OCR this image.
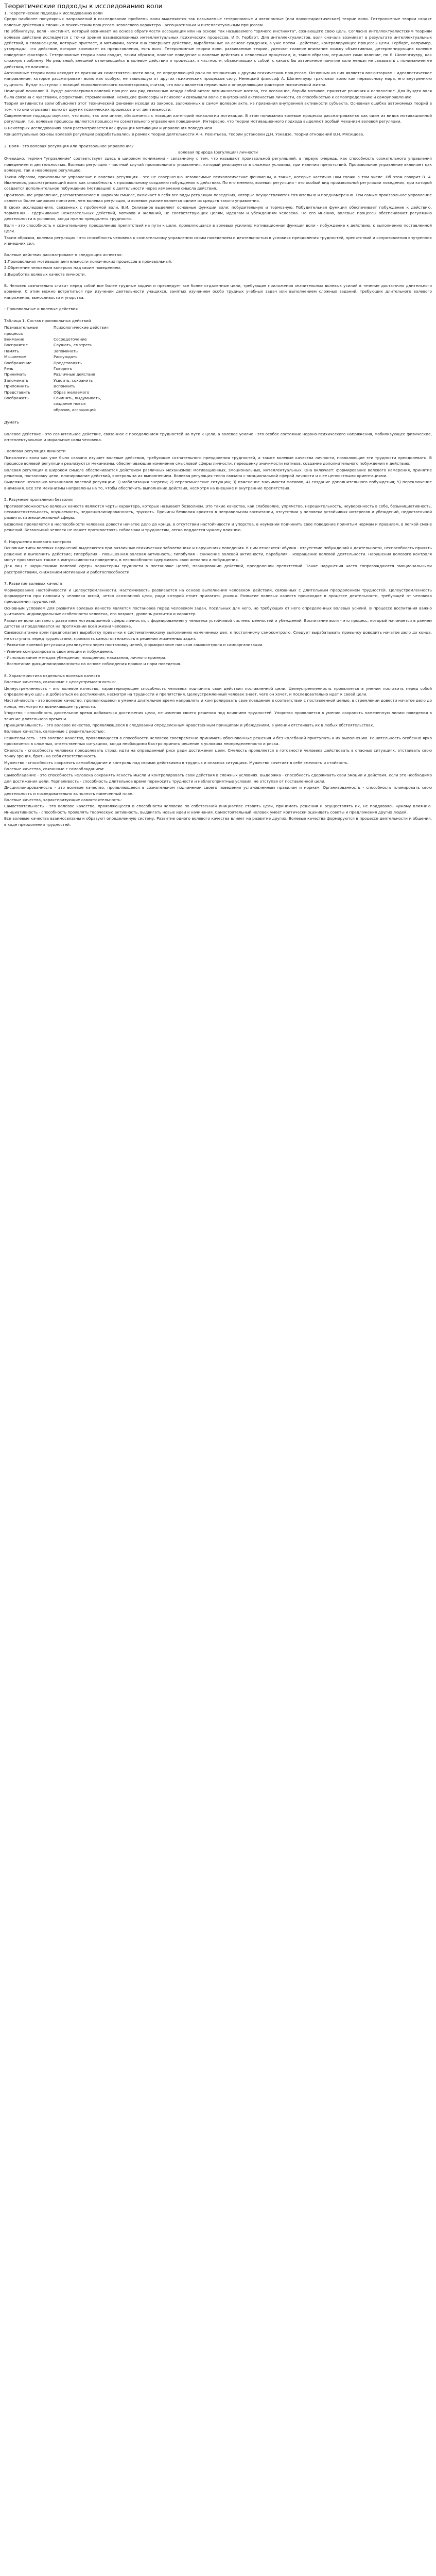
Теоретические подходы к исследованию воли
1. Теоретические подходы к исследованию воли

Среди наиболее популярных направлений в исследовании проблемы воли выделяются так называемые гетерономные и автономные (или волюнтаристические) теории воли. Гетерономные теории сводят волевые действия к сложным психическим процессам неволевого характера - ассоциативным и интеллектуальным процессам.

По Эббингаузу, воля - инстинкт, который возникает на основе обратимости ассоциаций или на основе так называемого "зрячего инстинкта", сознающего свою цель. Согласно интеллектуалистским теориям волевое действие исследуется с точки зрения взаимосвязанных интеллектуальных психических процессов. И.Ф. Гербарт. Для интеллектуалистов, воля сначала возникает в результате интеллектуальных действий, а главное-цели, которые пристает, и мотивами, затем она совершает действие, выработанные на основе суждения, а уже потом - действие, контролирующее процессы цели. Гербарт, например, утверждал, что действие, которое возникает из представления, есть воля. Гетерономные теории воли, развиваемые теории, уделяют главное внимание поиску объективных, детерминирующих волевое поведение факторов. Гетерономные теории воли сводят, таким образом, волевое поведение и волевые действия к неволевым процессам, и, таким образом, отрицают само явление, по Я. Шопенгауэру, как сложную проблему. Но реальный, внешний отличающийся в волевом действии и процессах, в частности, объясняющих с собой, с какого бы автономное понятие воли нельзя не связывать с пониманием ее действия, ее влияния.

Автономные теории воли исходят из признания самостоятельности воли, ее определяющей роли по отношению к другим психическим процессам. Основным из них является волюнтаризм - идеалистическое направление, которое рассматривает волю как особую, не зависящую от других психических процессов силу. Немецкий философ А. Шопенгауэр трактовал волю как первооснову мира, его внутреннюю сущность. Вундт выступал с позиций психологического волюнтаризма, считая, что воля является первичным и определяющим фактором психической жизни.

Немецкий психолог В. Вундт рассматривал волевой процесс как ряд связанных между собой актов: возникновение мотива, его осознание, борьба мотивов, принятие решения и исполнение. Для Вундта воля была связана с чувствами, аффектами, стремлениями. Немецкие философы и психологи связывали волю с внутренней активностью личности, со способностью к самоопределению и самоуправлению.

Теория активности воли объясняет этот технический феномен исходя из законов, заложенных в самом волевом акте, из признания внутренней активности субъекта. Основная ошибка автономных теорий в том, что они отрывают волю от других психических процессов и от деятельности.

Современные подходы изучают, что воля, так или иначе, объясняется с позиции категорий психологии мотивации. В этом понимании волевые процессы рассматриваются как один из видов мотивационной регуляции, т.е. волевые процессы являются процессами сознательного управления поведением. Интересно, что теории мотивационного подхода выделяют особый механизм волевой регуляции.

В некоторых исследованиях воля рассматривается как функция мотивации и управления поведением.

Концептуальные основы волевой регуляции разрабатывались в рамках теории деятельности А.Н. Леонтьева, теории установки Д.Н. Узнадзе, теории отношений В.Н. Мясищева.

2. Воля - это волевая регуляция или произвольное управление?
волевая природа (регуляция) личности

Очевидно, термин "управление" соответствует здесь в широком понимании - связанному с тем, что называют произвольной регуляцией, в первую очередь, как способность сознательного управления поведением и деятельностью. Волевая регуляция - частный случай произвольного управления, который реализуется в сложных условиях, при наличии препятствий. Произвольное управление включает как волевую, так и неволевую регуляцию.

Таким образом, произвольное управление и волевая регуляция - это не совершенно независимые психологические феномены, а также, которые частично нам схожи в том числе. Об этом говорит В. А. Иванников, рассматривающий волю как способность к произвольному созданию побуждения к действию. По его мнению, волевая регуляция - это особый вид произвольной регуляции поведения, при которой создается дополнительное побуждение (мотивация) к деятельности через изменение смысла действия.

Произвольное управление, рассматриваемое в широком смысле, включает в себя все виды регуляции поведения, которые осуществляются сознательно и преднамеренно. Тем самым произвольное управление является более широким понятием, чем волевая регуляция, и волевое усилие является одним из средств такого управления.

В своих исследованиях, связанных с проблемой воли, В.И. Селиванов выделяет основные функции воли: побудительную и тормозную. Побудительная функция обеспечивает побуждение к действию, тормозная - сдерживание нежелательных действий, мотивов и желаний, не соответствующих целям, идеалам и убеждениям человека. По его мнению, волевые процессы обеспечивают регуляцию деятельности в условиях, когда нужно преодолеть трудности.

Воля - это способность к сознательному преодолению препятствий на пути к цели, проявляющаяся в волевых усилиях; мотивационная функция воли - побуждение к действию, к выполнению поставленной цели.

Таким образом, волевая регуляция - это способность человека к сознательному управлению своим поведением и деятельностью в условиях преодоления трудностей, препятствий и сопротивления внутренних и внешних сил.

Волевые действия рассматривают в следующих аспектах:

1.Произвольная мотивация деятельности психических процессов в произвольный.

2.Обретение человеком контроля над своим поведением.

3.Выработка волевых качеств личности.

В. Человек сознательно ставит перед собой все более трудные задачи и преследует все более отдаленные цели, требующие приложения значительных волевых усилий в течение достаточно длительного времени. С этим можно встретиться при изучении деятельности учащихся, занятых изучением особо трудных учебных задач или выполнением сложных заданий, требующих длительного волевого напряжения, выносливости и упорства.

- Произвольные и волевые действия
Таблица 1. Состав произвольных действий
Познавательные процессы	Психологические действия
Внимание	Сосредоточение
Восприятие	Слушать, смотреть
Память	Запоминать
Мышление	Рассуждать
Воображение	Представлять
Речь	Говорить
Принимать	Различные действия
Запоминать	Усвоить, сохранить
Припомнить	Вспомнить
Представить	Образ желаемого
Воображать	Сочинять, выдумывать,
создание новых
образов, ассоциаций
Думать

Волевое действие - это сознательное действие, связанное с преодолением трудностей на пути к цели, а волевое усилие - это особое состояние нервно-психического напряжения, мобилизующее физические, интеллектуальные и моральные силы человека.

- Волевая регуляция личности

Психология воли как уже было сказано изучает волевые действия, требующие сознательного преодоления трудностей, а также волевые качества личности, позволяющие эти трудности преодолевать. В процессе волевой регуляции реализуются механизмы, обеспечивающие изменение смысловой сферы личности, переоценку значимости мотивов, создание дополнительного побуждения к действию.

Волевая регуляция в широком смысле обеспечивается действием различных механизмов: мотивационных, эмоциональных, интеллектуальных. Она включает: формирование волевого намерения, принятие решения, постановку цели, планирование действий, контроль за их выполнением. Волевая регуляция тесно связана с эмоциональной сферой личности и с ее ценностными ориентациями.

Выделяют несколько механизмов волевой регуляции: 1) мобилизация энергии; 2) переосмысление ситуации; 3) изменение значимости мотивов; 4) создание дополнительного побуждения; 5) переключение внимания. Все эти механизмы направлены на то, чтобы обеспечить выполнение действия, несмотря на внешние и внутренние препятствия.

5. Разумные проявления безволия

Противоположностью волевых качеств являются черты характера, которые называют безволием. Это такие качества, как слабоволие, упрямство, нерешительность, неуверенность в себе, безынициативность, несамостоятельность, внушаемость, недисциплинированность, трусость. Причины безволия кроются в неправильном воспитании, отсутствии у человека устойчивых интересов и убеждений, недостаточной развитости эмоциональной сферы.

Безволие проявляется в неспособности человека довести начатое дело до конца, в отсутствии настойчивости и упорства, в неумении подчинить свое поведение принятым нормам и правилам, в легкой смене решений. Безвольный человек не может противостоять соблазнам и трудностям, легко поддается чужому влиянию.

6. Нарушения волевого контроля

Основные типы волевых нарушений выделяются при различных психических заболеваниях и нарушениях поведения. К ним относятся: абулия - отсутствие побуждений к деятельности, неспособность принять решение и выполнить действие; гипербулия - повышенная волевая активность; гипобулия - снижение волевой активности, парабулия - извращение волевой деятельности. Нарушения волевого контроля могут проявляться также в импульсивности поведения, в неспособности сдерживать свои желания и побуждения.

Для лиц с нарушениями волевой сферы характерны трудности в постановке целей, планировании действий, преодолении препятствий. Такие нарушения часто сопровождаются эмоциональными расстройствами, снижением мотивации и работоспособности.

7. Развитие волевых качеств

Формирование настойчивости и целеустремленности. Настойчивость развивается на основе выполнения человеком действий, связанных с длительным преодолением трудностей. Целеустремленность формируется при наличии у человека ясной, четко осознанной цели, ради которой стоит прилагать усилия. Развитие волевых качеств происходит в процессе деятельности, требующей от человека преодоления трудностей.

Основным условием для развития волевых качеств является постановка перед человеком задач, посильных для него, но требующих от него определенных волевых усилий. В процессе воспитания важно учитывать индивидуальные особенности человека, его возраст, уровень развития и характер.

Развитие воли связано с развитием мотивационной сферы личности, с формированием у человека устойчивой системы ценностей и убеждений. Воспитание воли - это процесс, который начинается в раннем детстве и продолжается на протяжении всей жизни человека.

Самовоспитание воли предполагает выработку привычки к систематическому выполнению намеченных дел, к постоянному самоконтролю. Следует вырабатывать привычку доводить начатое дело до конца, не отступать перед трудностями, проявлять самостоятельность в решении жизненных задач.

- Развитие волевой регуляции реализуется через постановку целей, формирование навыков самоконтроля и самоорганизации.

- Умение контролировать свои эмоции и побуждения.

- Использование методов убеждения, поощрения, наказания, личного примера.

- Воспитание дисциплинированности на основе соблюдения правил и норм поведения.

8. Характеристика отдельных волевых качеств

Волевые качества, связанные с целеустремленностью:

Целеустремленность - это волевое качество, характеризующее способность человека подчинять свои действия поставленной цели. Целеустремленность проявляется в умении поставить перед собой определенную цель и добиваться ее достижения, несмотря на трудности и препятствия. Целеустремленный человек знает, чего он хочет, и последовательно идет к своей цели.

Настойчивость - это волевое качество, проявляющееся в умении длительное время направлять и контролировать свое поведение в соответствии с поставленной целью, в стремлении довести начатое дело до конца, несмотря на возникающие трудности.

Упорство - способность длительное время добиваться достижения цели, не изменяя своего решения под влиянием трудностей. Упорство проявляется в умении сохранять намеченную линию поведения в течение длительного времени.

Принципиальность - это волевое качество, проявляющееся в следовании определенным нравственным принципам и убеждениям, в умении отстаивать их в любых обстоятельствах.

Волевые качества, связанные с решительностью:

Решительность - это волевое качество, проявляющееся в способности человека своевременно принимать обоснованные решения и без колебаний приступать к их выполнению. Решительность особенно ярко проявляется в сложных, ответственных ситуациях, когда необходимо быстро принять решение в условиях неопределенности и риска.

Смелость - способность человека преодолевать страх, идти на оправданный риск ради достижения цели. Смелость проявляется в готовности человека действовать в опасных ситуациях, отстаивать свою точку зрения, брать на себя ответственность.

Мужество - способность сохранять самообладание и контроль над своими действиями в трудных и опасных ситуациях. Мужество сочетает в себе смелость и стойкость.

Волевые качества, связанные с самообладанием:

Самообладание - это способность человека сохранять ясность мысли и контролировать свои действия в сложных условиях. Выдержка - способность сдерживать свои эмоции и действия, если это необходимо для достижения цели. Терпеливость - способность длительное время переносить трудности и неблагоприятные условия, не отступая от поставленной цели.

Дисциплинированность - это волевое качество, проявляющееся в сознательном подчинении своего поведения установленным правилам и нормам. Организованность - способность планировать свою деятельность и последовательно выполнять намеченный план.

Волевые качества, характеризующие самостоятельность:

Самостоятельность - это волевое качество, проявляющееся в способности человека по собственной инициативе ставить цели, принимать решения и осуществлять их, не поддаваясь чужому влиянию. Инициативность - способность проявлять творческую активность, выдвигать новые идеи и начинания. Самостоятельный человек умеет критически оценивать советы и предложения других людей.

Все волевые качества взаимосвязаны и образуют определенную систему. Развитие одного волевого качества влияет на развитие других. Волевые качества формируются в процессе деятельности и общения, в ходе преодоления трудностей.
